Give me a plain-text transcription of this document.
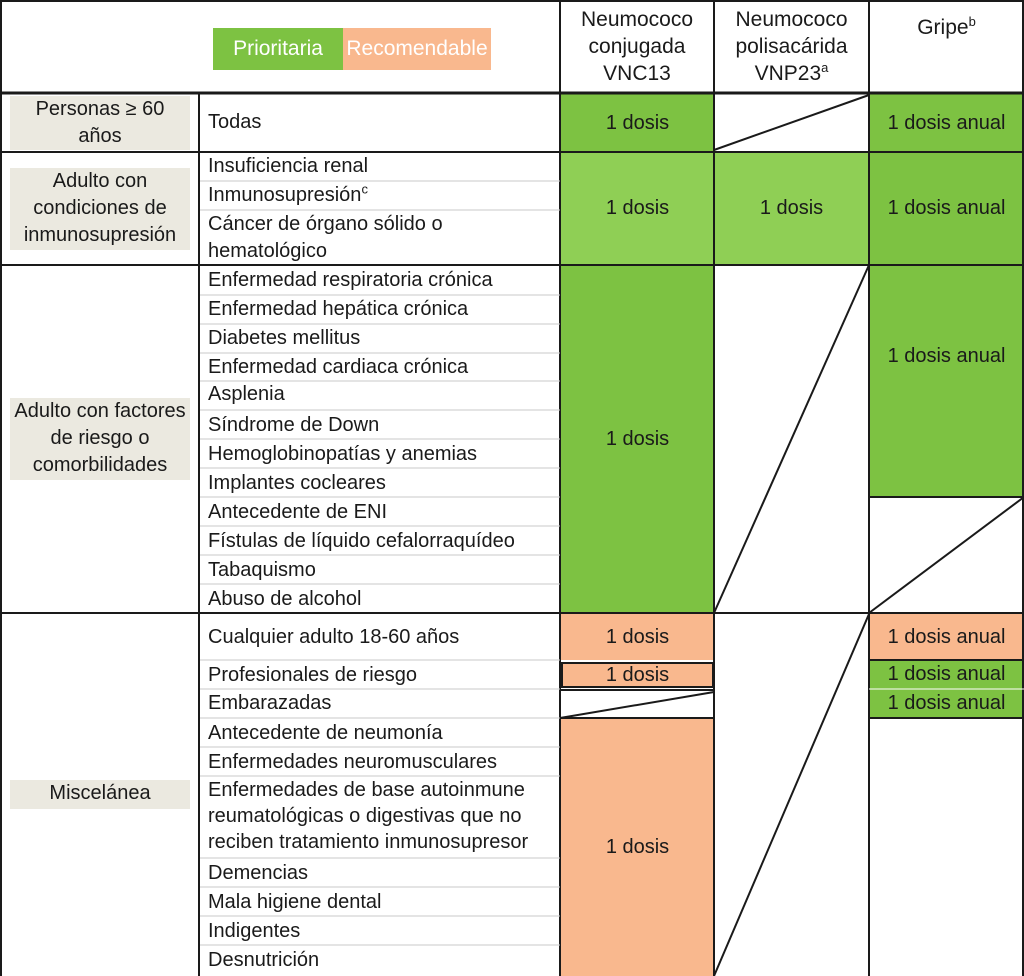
1 dosis
1 dosis
1 dosis
1 dosis
1 dosis
1 dosis
1 dosis
1 dosis anual
1 dosis anual
1 dosis anual
1 dosis anual
1 dosis anual
1 dosis anual
Personas ≥ 60
años
Adulto con
condiciones de
inmunosupresión
Adulto con factores
de riesgo o
comorbilidades
Miscelánea
Prioritaria	Recomendable
Neumococo
conjugada
VNC13
Neumococo
polisacárida
VNP23$^a$
Gripe$^b$
Todas
Insuficiencia renal
Inmunosupresión$^c$
Cáncer de órgano sólido o
hematológico
Enfermedad respiratoria crónica
Enfermedad hepática crónica
Diabetes mellitus
Enfermedad cardiaca crónica
Asplenia
Síndrome de Down
Hemoglobinopatías y anemias
Implantes cocleares
Antecedente de ENI
Fístulas de líquido cefalorraquídeo
Tabaquismo
Abuso de alcohol
Cualquier adulto 18-60 años
Profesionales de riesgo
Embarazadas
Antecedente de neumonía
Enfermedades neuromusculares
Enfermedades de base autoinmune
reumatológicas o digestivas que no
reciben tratamiento inmunosupresor
Demencias
Mala higiene dental
Indigentes
Desnutrición
